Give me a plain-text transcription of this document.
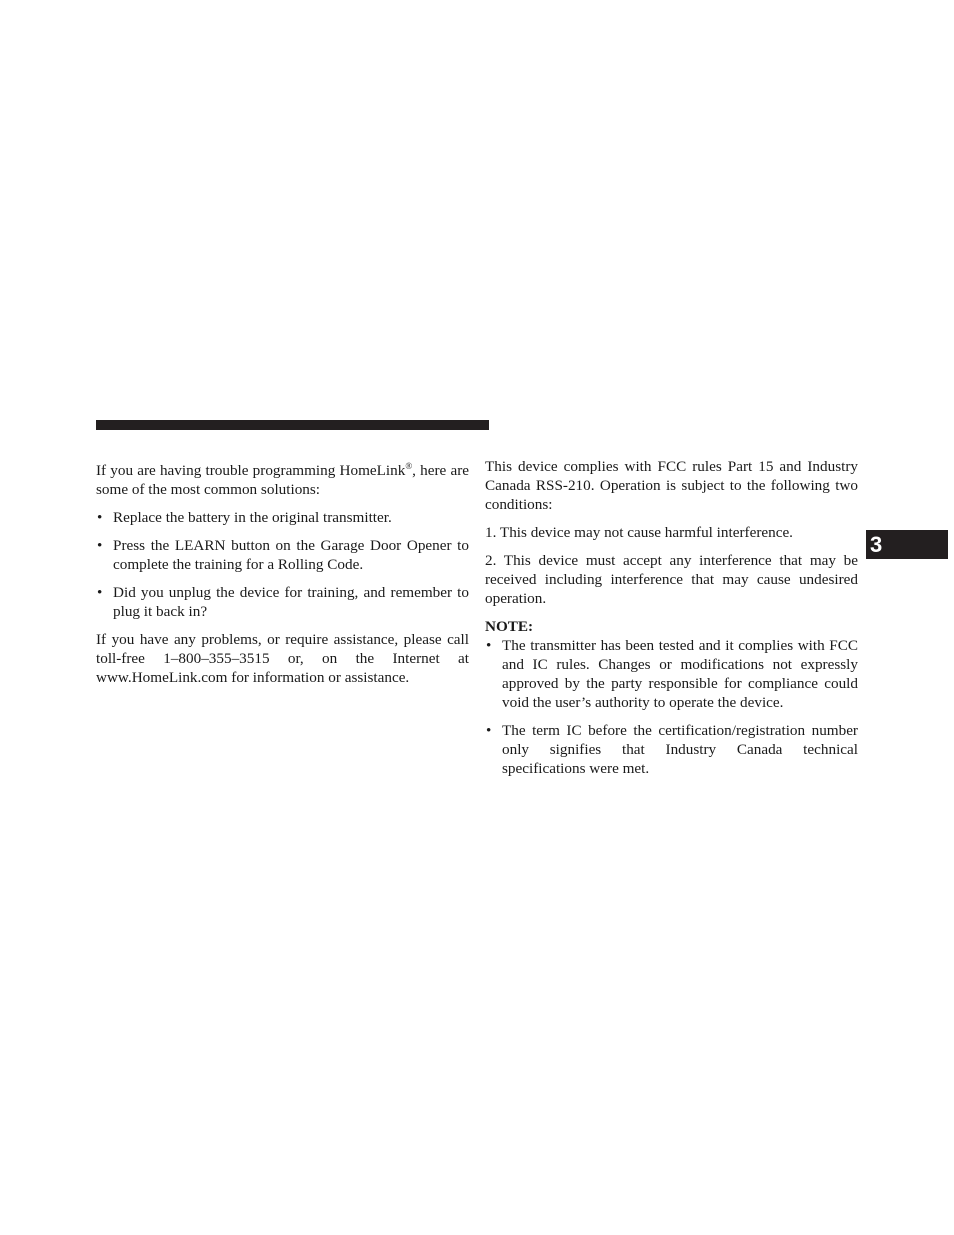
If you are having trouble programming HomeLink®, here are some of the most common solutions:

• Replace the battery in the original transmitter.
• Press the LEARN button on the Garage Door Opener to complete the training for a Rolling Code.
• Did you unplug the device for training, and remember to plug it back in?

If you have any problems, or require assistance, please call toll-free 1–800–355–3515 or, on the Internet at www.HomeLink.com for information or assistance.

This device complies with FCC rules Part 15 and Industry Canada RSS-210. Operation is subject to the following two conditions:

1. This device may not cause harmful interference.

2. This device must accept any interference that may be received including interference that may cause undesired operation.

NOTE:

• The transmitter has been tested and it complies with FCC and IC rules. Changes or modifications not expressly approved by the party responsible for compliance could void the user’s authority to operate the device.
• The term IC before the certification/registration number only signifies that Industry Canada technical specifications were met.
3
